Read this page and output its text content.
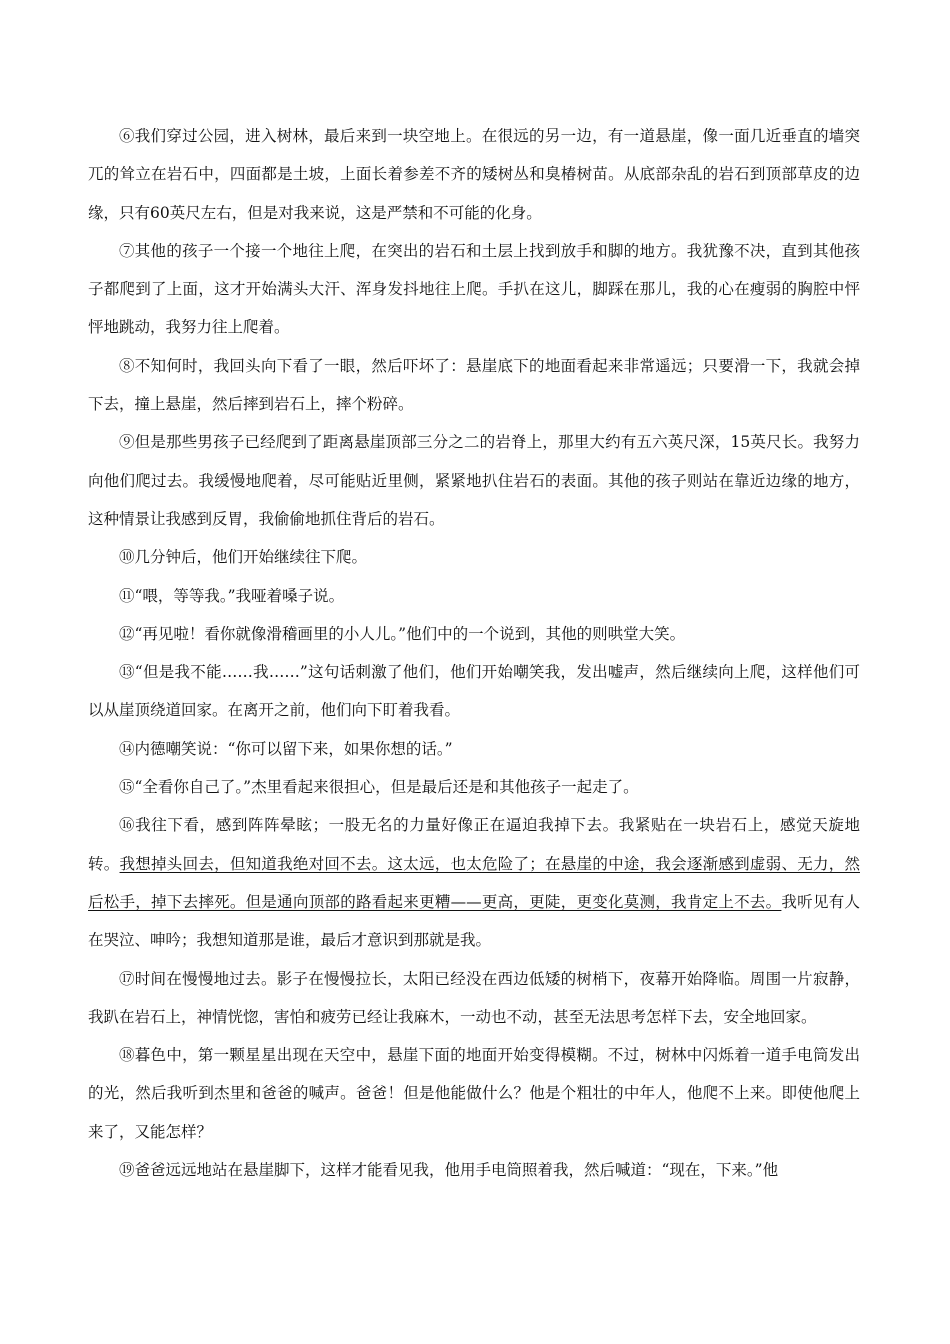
⑥我们穿过公园，进入树林，最后来到一块空地上。在很远的另一边，有一道悬崖，像一面几近垂直的墙突兀的耸立在岩石中，四面都是土坡，上面长着参差不齐的矮树丛和臭椿树苗。从底部杂乱的岩石到顶部草皮的边缘，只有60英尺左右，但是对我来说，这是严禁和不可能的化身。

⑦其他的孩子一个接一个地往上爬，在突出的岩石和土层上找到放手和脚的地方。我犹豫不决，直到其他孩子都爬到了上面，这才开始满头大汗、浑身发抖地往上爬。手扒在这儿，脚踩在那儿，我的心在瘦弱的胸腔中怦怦地跳动，我努力往上爬着。

⑧不知何时，我回头向下看了一眼，然后吓坏了：悬崖底下的地面看起来非常遥远；只要滑一下，我就会掉下去，撞上悬崖，然后摔到岩石上，摔个粉碎。

⑨但是那些男孩子已经爬到了距离悬崖顶部三分之二的岩脊上，那里大约有五六英尺深，15英尺长。我努力向他们爬过去。我缓慢地爬着，尽可能贴近里侧，紧紧地扒住岩石的表面。其他的孩子则站在靠近边缘的地方，这种情景让我感到反胃，我偷偷地抓住背后的岩石。

⑩几分钟后，他们开始继续往下爬。

⑪“喂，等等我。”我哑着嗓子说。

⑫“再见啦！看你就像滑稽画里的小人儿。”他们中的一个说到，其他的则哄堂大笑。

⑬“但是我不能……我……”这句话刺激了他们，他们开始嘲笑我，发出嘘声，然后继续向上爬，这样他们可以从崖顶绕道回家。在离开之前，他们向下盯着我看。

⑭内德嘲笑说：“你可以留下来，如果你想的话。”

⑮“全看你自己了。”杰里看起来很担心，但是最后还是和其他孩子一起走了。

⑯我往下看，感到阵阵晕眩；一股无名的力量好像正在逼迫我掉下去。我紧贴在一块岩石上，感觉天旋地转。我想掉头回去，但知道我绝对回不去。这太远，也太危险了；在悬崖的中途，我会逐渐感到虚弱、无力，然后松手，掉下去摔死。但是通向顶部的路看起来更糟——更高，更陡，更变化莫测，我肯定上不去。我听见有人在哭泣、呻吟；我想知道那是谁，最后才意识到那就是我。

⑰时间在慢慢地过去。影子在慢慢拉长，太阳已经没在西边低矮的树梢下，夜幕开始降临。周围一片寂静，我趴在岩石上，神情恍惚，害怕和疲劳已经让我麻木，一动也不动，甚至无法思考怎样下去，安全地回家。

⑱暮色中，第一颗星星出现在天空中，悬崖下面的地面开始变得模糊。不过，树林中闪烁着一道手电筒发出的光，然后我听到杰里和爸爸的喊声。爸爸！但是他能做什么？他是个粗壮的中年人，他爬不上来。即使他爬上来了，又能怎样？

⑲爸爸远远地站在悬崖脚下，这样才能看见我，他用手电筒照着我，然后喊道：“现在，下来。”他
